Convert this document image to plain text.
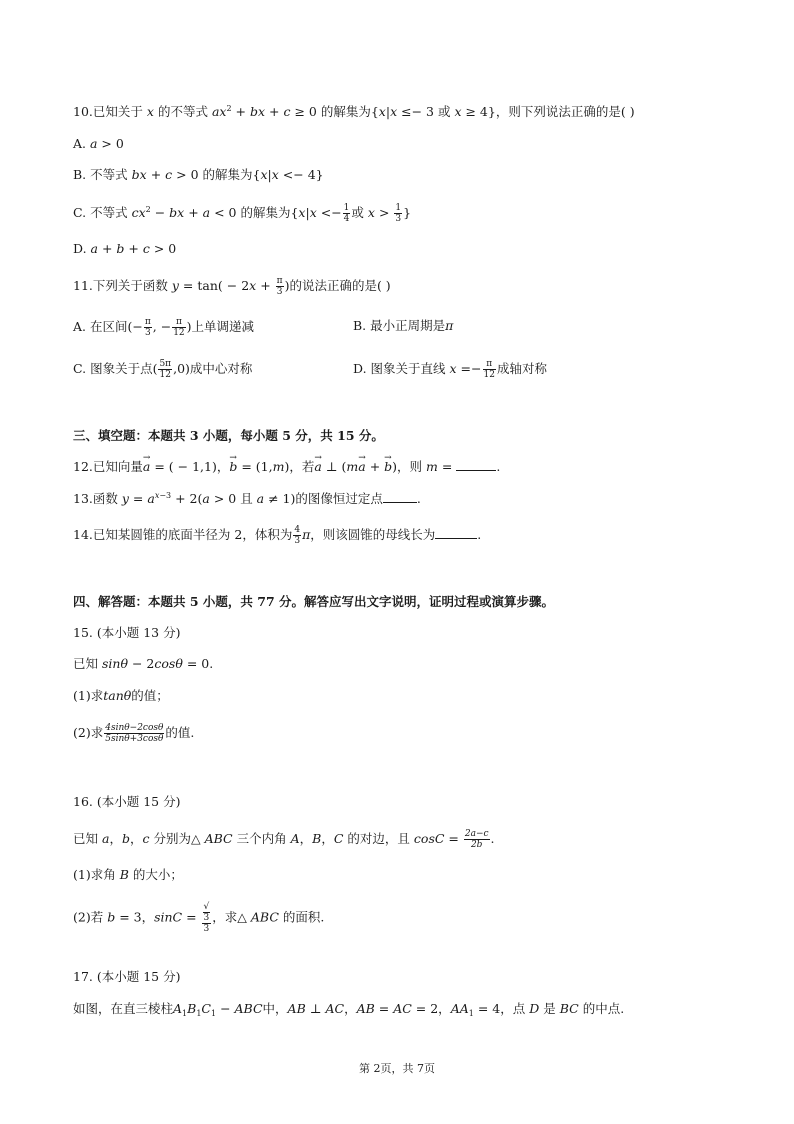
10.已知关于 x 的不等式 $ax^2$ + bx + c ≥ 0 的解集为{x|x ≤− 3 或 x ≥ 4}，则下列说法正确的是( )
A. a > 0
B. 不等式 bx + c > 0 的解集为{x|x <− 4}
C. 不等式 $cx^2$ − bx + a < 0 的解集为{$x|x <- \frac{1}{4}$ 或 $x > \frac{1}{3}$ }
D. a + b + c > 0
11.下列关于函数 $y = \tan( - 2x + \frac{\pi}{3}$ )的说法正确的是( )
A. 在区间(− $\frac{\pi}{3}$ , − $\frac{\pi}{12}$ )上单调递减	B. 最小正周期是π
C. 图象关于点( $\frac{5\pi}{12} ,0$)成中心对称	D. 图象关于直线 $x =- \frac{\pi}{12}$ 成轴对称
三、填空题：本题共 3 小题，每小题 5 分，共 15 分。
12.已知向量→ a = ( − 1,1)，→ b = (1,m)，若→ a ⊥ (m→ a + → b)，则 m =	.
13.函数 $y = a^{x-3} + 2(a > 0$ 且 a ≠ 1)的图像恒过定点	.
14.已知某圆锥的底面半径为 2，体积为 $\frac{4}{3}$ π，则该圆锥的母线长为	.
四、解答题：本题共 5 小题，共 77 分。解答应写出文字说明，证明过程或演算步骤。
15. (本小题 13 分)
已知 sinθ − 2cosθ = 0.
(1)求tanθ的值；
(2)求 $\frac{4\sin\theta-2\cos\theta}{5\sin\theta+3\cos\theta}$ 的值.
16. (本小题 15 分)
已知 a，b，c 分别为△ ABC 三个内角 A，B，C 的对边，且 $\cos C = \frac{2a-c}{2b}$ .
(1)求角 B 的大小；
(2)若 b = 3，sinC = √
3
3 ，求△ ABC 的面积.
17. (本小题 15 分)
如图，在直三棱柱$A_1B_1C_1$ − ABC中，AB ⊥ AC，AB = AC = 2，$AA_1 = 4$，点 D 是 BC 的中点.
第 2页，共 7页
